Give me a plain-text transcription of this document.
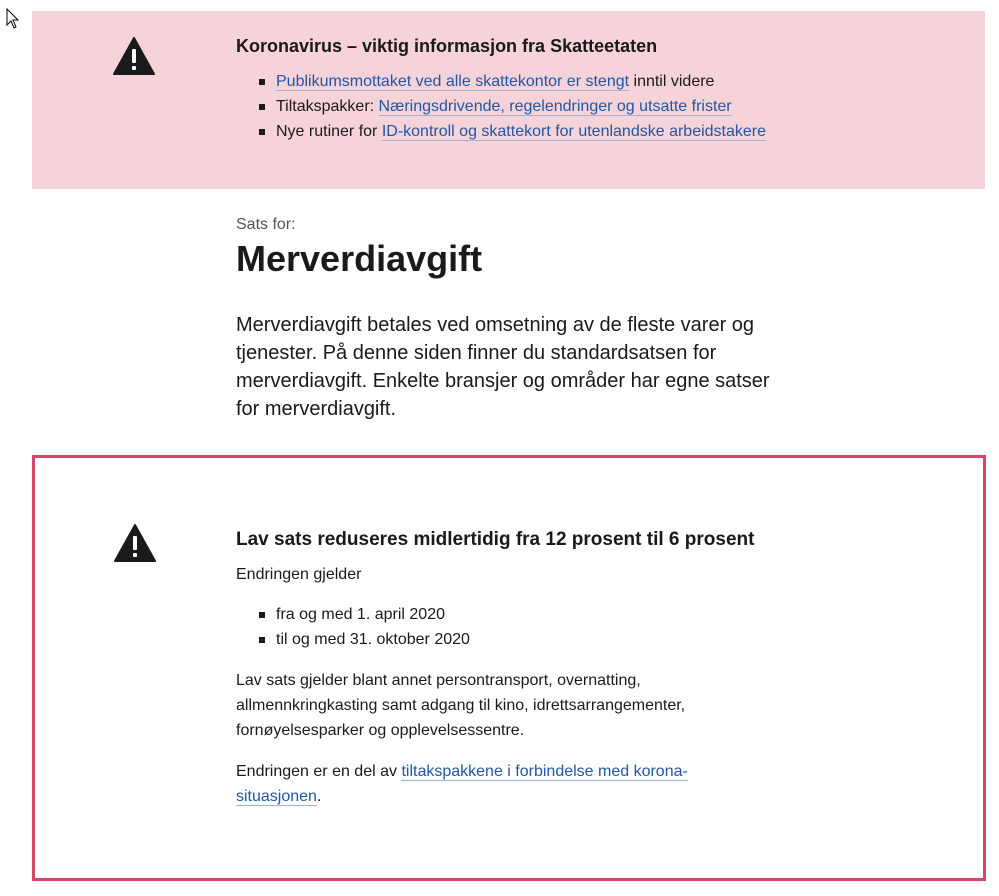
Koronavirus – viktig informasjon fra Skatteetaten
Publikumsmottaket ved alle skattekontor er stengt inntil videre
Tiltakspakker: Næringsdrivende, regelendringer og utsatte frister
Nye rutiner for ID-kontroll og skattekort for utenlandske arbeidstakere
Sats for:
Merverdiavgift

Merverdiavgift betales ved omsetning av de fleste varer og tjenester. På denne siden finner du standardsatsen for merverdiavgift. Enkelte bransjer og områder har egne satser for merverdiavgift.

Lav sats reduseres midlertidig fra 12 prosent til 6 prosent

Endringen gjelder

fra og med 1. april 2020
til og med 31. oktober 2020

Lav sats gjelder blant annet persontransport, overnatting, allmennkringkasting samt adgang til kino, idrettsarrangementer, fornøyelsesparker og opplevelsessentre.

Endringen er en del av tiltakspakkene i forbindelse med korona-situasjonen.
